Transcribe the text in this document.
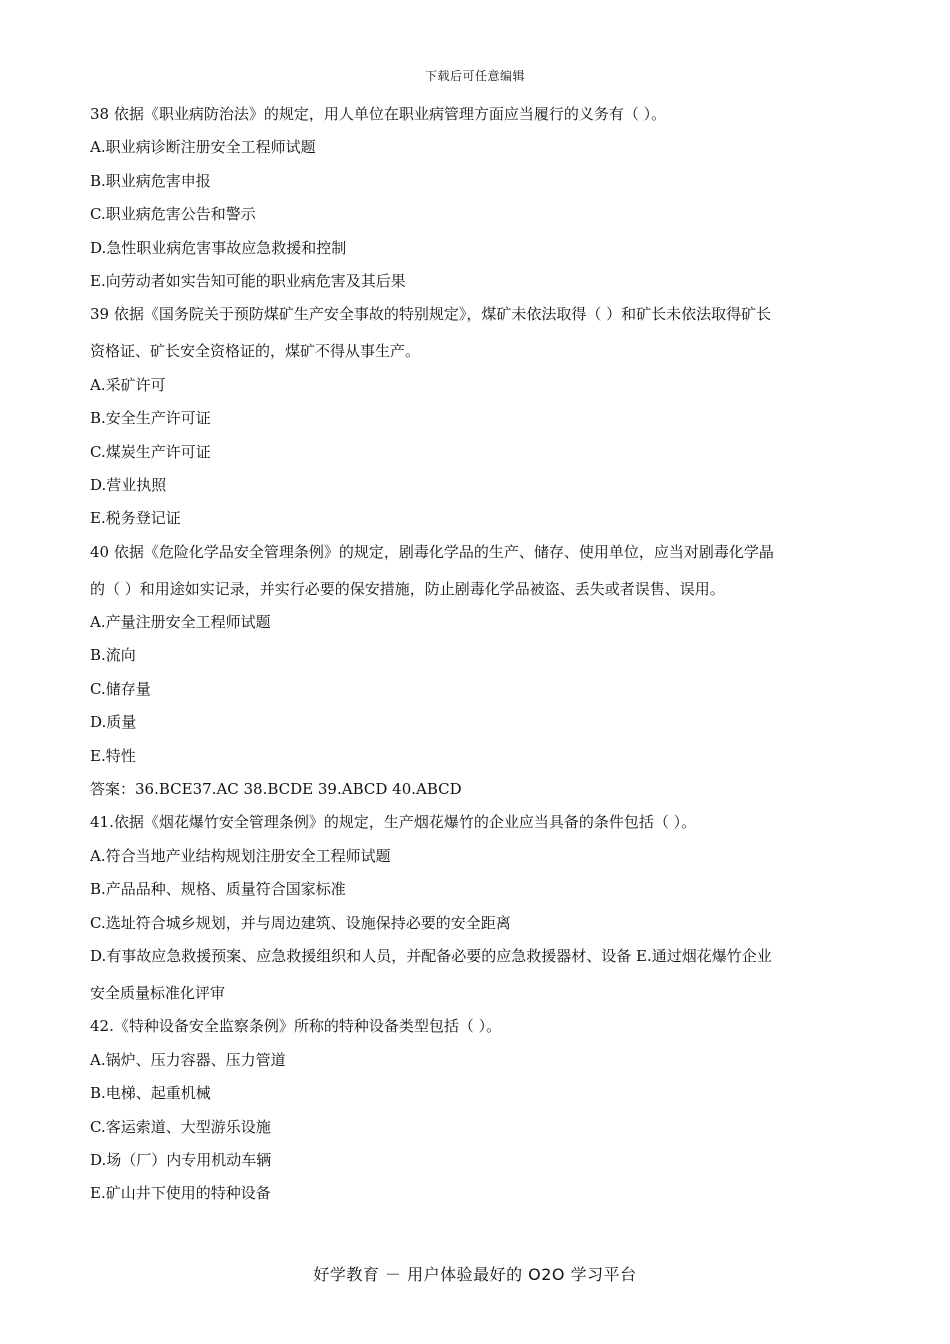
下载后可任意编辑
38 依据《职业病防治法》的规定，用人单位在职业病管理方面应当履行的义务有（ ）。
A.职业病诊断注册安全工程师试题
B.职业病危害申报
C.职业病危害公告和警示
D.急性职业病危害事故应急救援和控制
E.向劳动者如实告知可能的职业病危害及其后果
39 依据《国务院关于预防煤矿生产安全事故的特别规定》，煤矿未依法取得（ ）和矿长未依法取得矿长
资格证、矿长安全资格证的，煤矿不得从事生产。
A.采矿许可
B.安全生产许可证
C.煤炭生产许可证
D.营业执照
E.税务登记证
40 依据《危险化学品安全管理条例》的规定，剧毒化学品的生产、储存、使用单位，应当对剧毒化学晶
的（ ）和用途如实记录，并实行必要的保安措施，防止剧毒化学品被盗、丢失或者误售、误用。
A.产量注册安全工程师试题
B.流向
C.储存量
D.质量
E.特性
答案：36.BCE37.AC 38.BCDE 39.ABCD 40.ABCD
41.依据《烟花爆竹安全管理条例》的规定，生产烟花爆竹的企业应当具备的条件包括（ ）。
A.符合当地产业结构规划注册安全工程师试题
B.产品品种、规格、质量符合国家标准
C.选址符合城乡规划，并与周边建筑、设施保持必要的安全距离
D.有事故应急救援预案、应急救援组织和人员，并配备必要的应急救援器材、设备 E.通过烟花爆竹企业
安全质量标准化评审
42.《特种设备安全监察条例》所称的特种设备类型包括（ ）。
A.锅炉、压力容器、压力管道
B.电梯、起重机械
C.客运索道、大型游乐设施
D.场（厂）内专用机动车辆
E.矿山井下使用的特种设备
好学教育 － 用户体验最好的 O2O 学习平台
